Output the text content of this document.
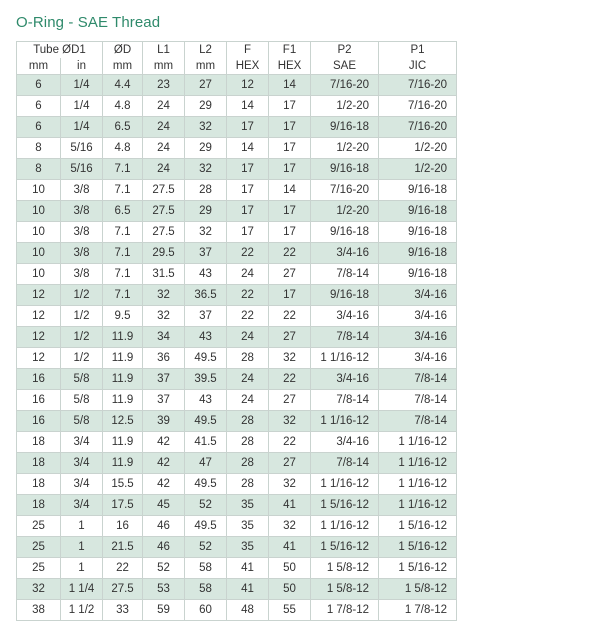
O-Ring - SAE Thread
Tube ØD1		ØD	L1	L2	F	F1	P2	P1
mm	in	mm	mm	mm	HEX	HEX	SAE	JIC
6	1/4	4.4	23	27	12	14	7/16-20	7/16-20
6	1/4	4.8	24	29	14	17	1/2-20	7/16-20
6	1/4	6.5	24	32	17	17	9/16-18	7/16-20
8	5/16	4.8	24	29	14	17	1/2-20	1/2-20
8	5/16	7.1	24	32	17	17	9/16-18	1/2-20
10	3/8	7.1	27.5	28	17	14	7/16-20	9/16-18
10	3/8	6.5	27.5	29	17	17	1/2-20	9/16-18
10	3/8	7.1	27.5	32	17	17	9/16-18	9/16-18
10	3/8	7.1	29.5	37	22	22	3/4-16	9/16-18
10	3/8	7.1	31.5	43	24	27	7/8-14	9/16-18
12	1/2	7.1	32	36.5	22	17	9/16-18	3/4-16
12	1/2	9.5	32	37	22	22	3/4-16	3/4-16
12	1/2	11.9	34	43	24	27	7/8-14	3/4-16
12	1/2	11.9	36	49.5	28	32	1 1/16-12	3/4-16
16	5/8	11.9	37	39.5	24	22	3/4-16	7/8-14
16	5/8	11.9	37	43	24	27	7/8-14	7/8-14
16	5/8	12.5	39	49.5	28	32	1 1/16-12	7/8-14
18	3/4	11.9	42	41.5	28	22	3/4-16	1 1/16-12
18	3/4	11.9	42	47	28	27	7/8-14	1 1/16-12
18	3/4	15.5	42	49.5	28	32	1 1/16-12	1 1/16-12
18	3/4	17.5	45	52	35	41	1 5/16-12	1 1/16-12
25	1	16	46	49.5	35	32	1 1/16-12	1 5/16-12
25	1	21.5	46	52	35	41	1 5/16-12	1 5/16-12
25	1	22	52	58	41	50	1 5/8-12	1 5/16-12
32	1 1/4	27.5	53	58	41	50	1 5/8-12	1 5/8-12
38	1 1/2	33	59	60	48	55	1 7/8-12	1 7/8-12
